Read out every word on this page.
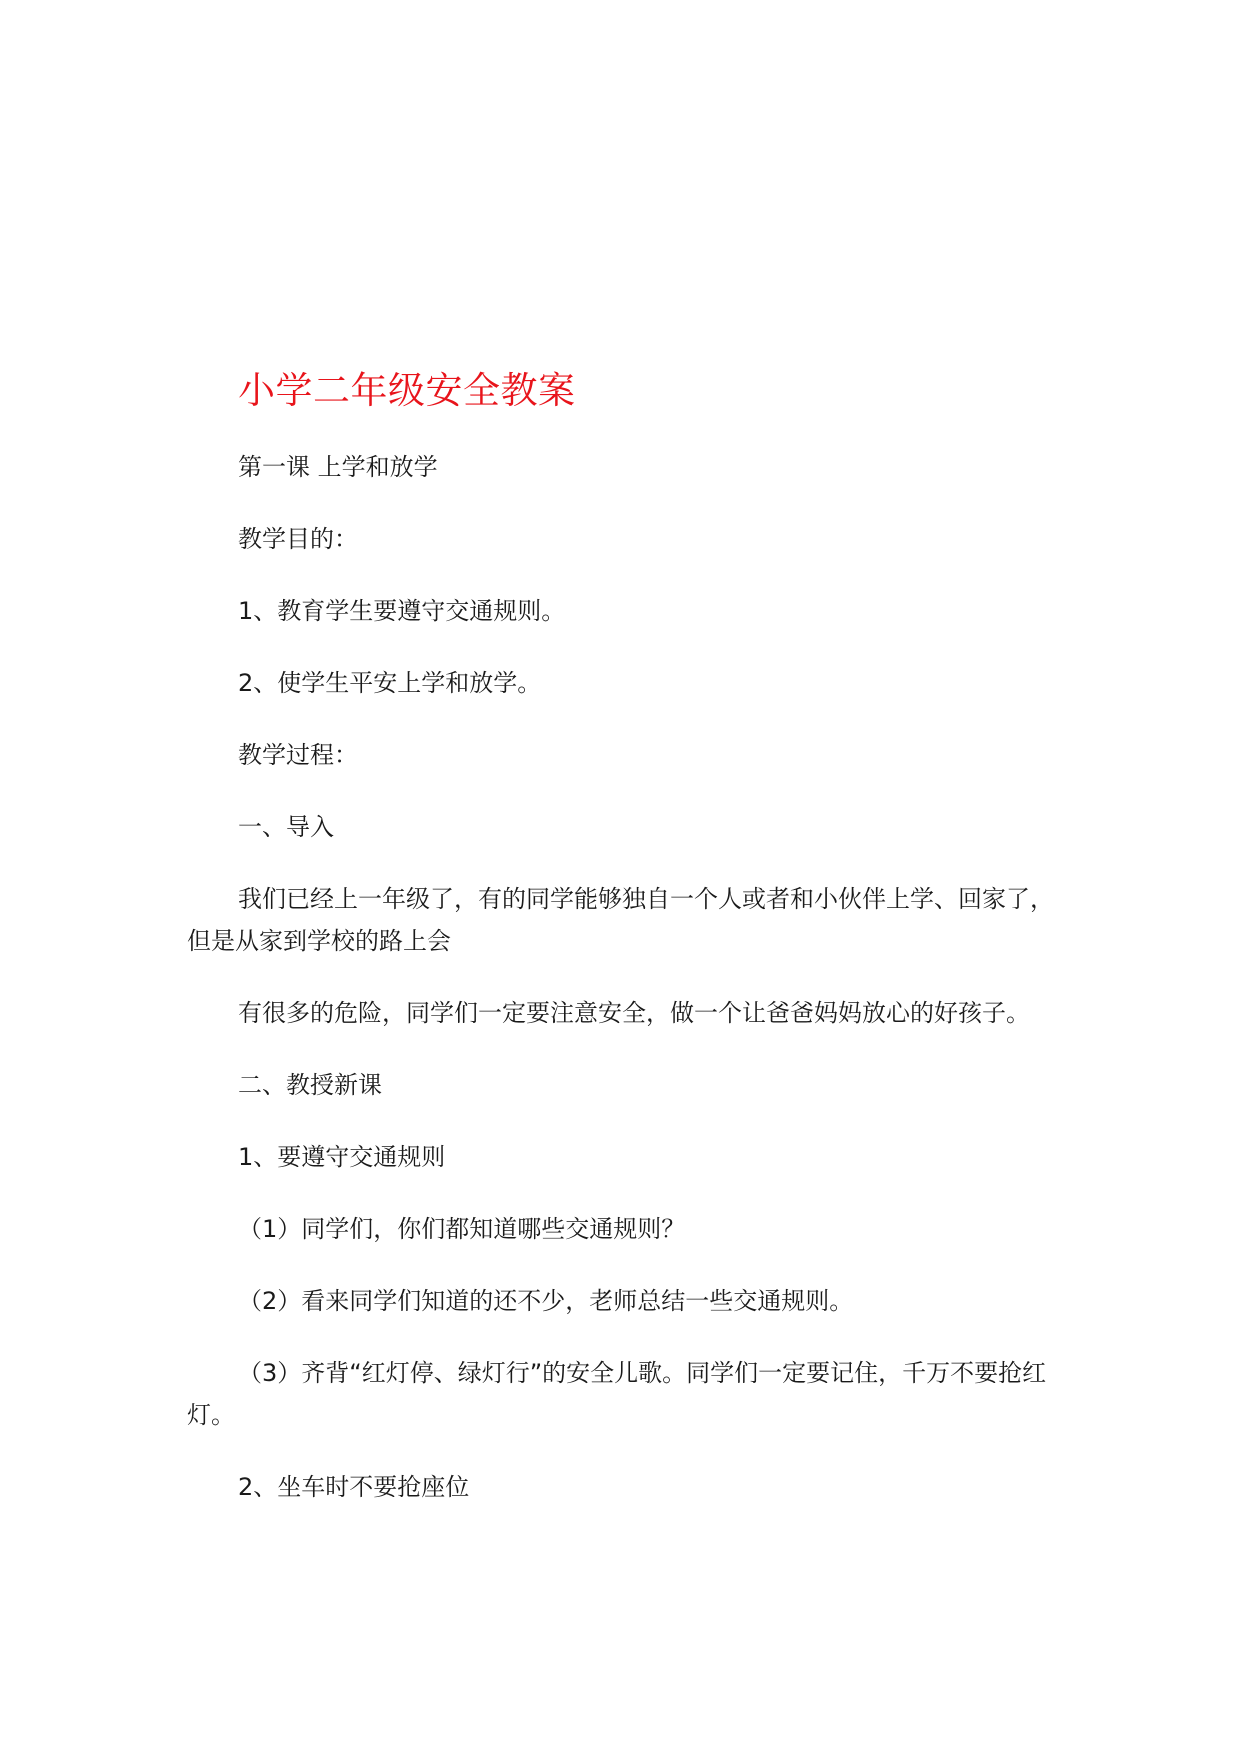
小学二年级安全教案

第一课 上学和放学

教学目的：

1、教育学生要遵守交通规则。

2、使学生平安上学和放学。

教学过程：

一、导入

我们已经上一年级了，有的同学能够独自一个人或者和小伙伴上学、回家了，但是从家到学校的路上会

有很多的危险，同学们一定要注意安全，做一个让爸爸妈妈放心的好孩子。

二、教授新课

1、要遵守交通规则

（1）同学们，你们都知道哪些交通规则？

（2）看来同学们知道的还不少，老师总结一些交通规则。

（3）齐背“红灯停、绿灯行”的安全儿歌。同学们一定要记住，千万不要抢红灯。

2、坐车时不要抢座位
